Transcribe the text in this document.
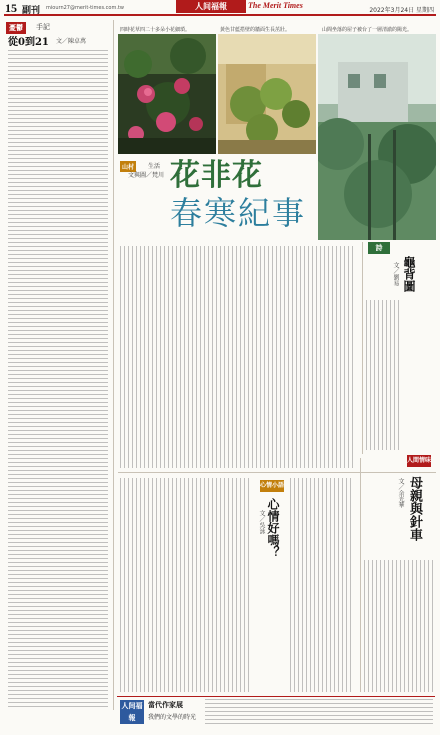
15 副刊 miourn27@merit-times.com.tw	人间福報	The Merit Times
2022年3月24日 星期四
憂鬱	手記
從0到21 文／陳卓萬
四時花草四二十多朵小花細瑣。	黃色甘藍搭壁的牆面生長茁壯。	山間坐落的屋子被台了一層清澈的陽光。
山村	生活
文與圖／梵川 花非花
春寒紀事
詩
龜背圖
文／劉易
心情小語
心情好嗎？
文／吳詠
人間情味
母親與針車
文／余光華
人间福報
當代作家展
我們的文學的時光
